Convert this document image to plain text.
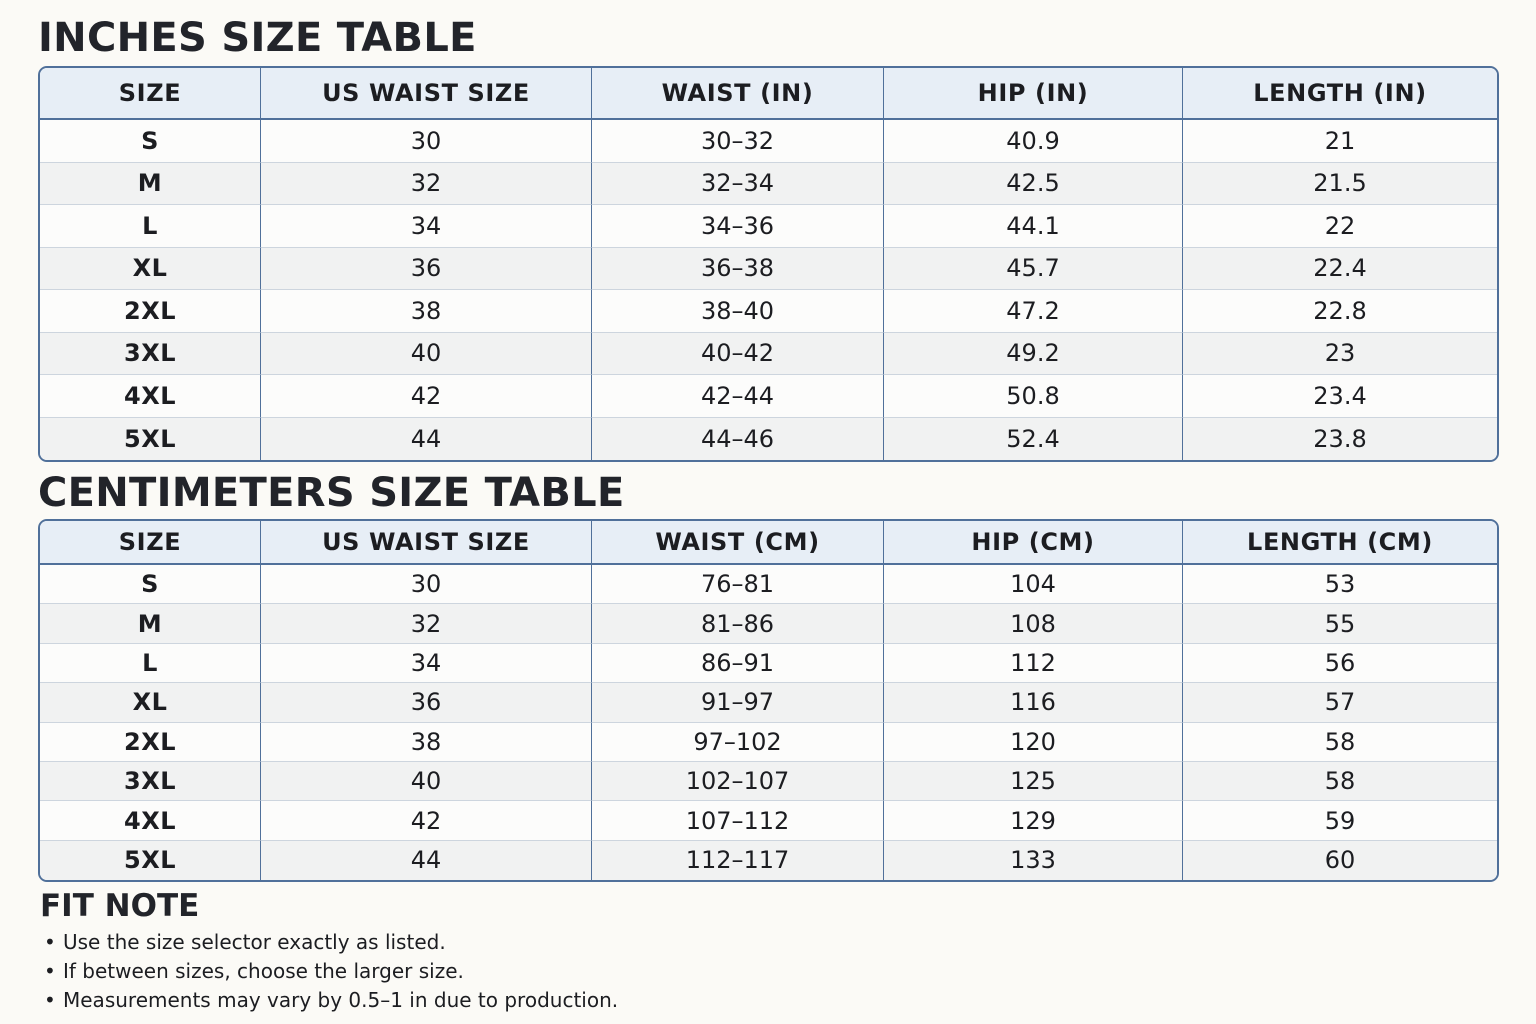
INCHES SIZE TABLE
SIZE	US WAIST SIZE	WAIST (IN)	HIP (IN)	LENGTH (IN)
S	30	30–32	40.9	21
M	32	32–34	42.5	21.5
L	34	34–36	44.1	22
XL	36	36–38	45.7	22.4
2XL	38	38–40	47.2	22.8
3XL	40	40–42	49.2	23
4XL	42	42–44	50.8	23.4
5XL	44	44–46	52.4	23.8
CENTIMETERS SIZE TABLE
SIZE	US WAIST SIZE	WAIST (CM)	HIP (CM)	LENGTH (CM)
S	30	76–81	104	53
M	32	81–86	108	55
L	34	86–91	112	56
XL	36	91–97	116	57
2XL	38	97–102	120	58
3XL	40	102–107	125	58
4XL	42	107–112	129	59
5XL	44	112–117	133	60
FIT NOTE
• Use the size selector exactly as listed.
• If between sizes, choose the larger size.
• Measurements may vary by 0.5–1 in due to production.
